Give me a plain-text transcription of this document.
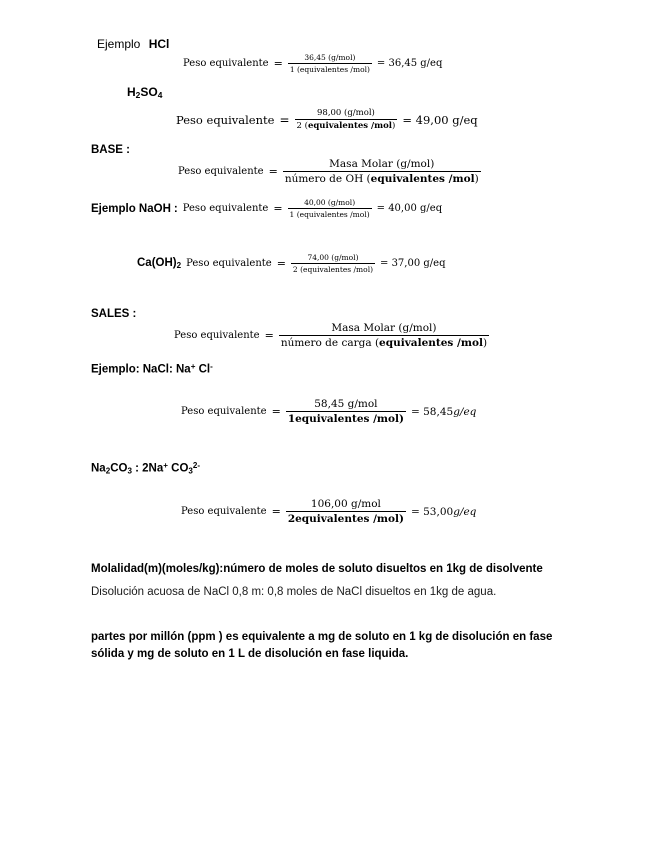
Ejemplo HCl
Peso equivalente = $\frac{\text{36,45 (g/mol)}}{\text{1 (equivalentes /mol)}} = 36,45$ g/eq
$H_2SO_4$
Peso equivalente = $\frac{\text{98,00 (g/mol)}}{\text{2 (equivalentes /mol)}} = 49,00$ g/eq
BASE :
Peso equivalente = $\frac{\text{Masa Molar (g/mol)}}{\text{número de OH (equivalentes /mol)}}$
Ejemplo NaOH : Peso equivalente = $\frac{\text{40,00 (g/mol)}}{\text{1 (equivalentes /mol)}} = 40,00$ g/eq
$Ca(OH)_2$ Peso equivalente = $\frac{\text{74,00 (g/mol)}}{\text{2 (equivalentes /mol)}} = 37,00$ g/eq
SALES :
Peso equivalente = $\frac{\text{Masa Molar (g/mol)}}{\text{número de carga (equivalentes /mol)}}$
Ejemplo: NaCl: Na+ Cl-
Peso equivalente = $\frac{\text{58,45 g/mol}}{\text{1equivalentes /mol)}} = 58,45g/eq$
$Na_2CO_3$ : 2Na+ $CO_3^{2-}$
Peso equivalente = $\frac{\text{106,00 g/mol}}{\text{2equivalentes /mol)}} = 53,00g/eq$
Molalidad(m)(moles/kg):número de moles de soluto disueltos en 1kg de disolvente
Disolución acuosa de NaCl 0,8 m: 0,8 moles de NaCl disueltos en 1kg de agua.
partes por millón (ppm ) es equivalente a mg de soluto en 1 kg de disolución en fase
sólida y mg de soluto en 1 L de disolución en fase liquida.
